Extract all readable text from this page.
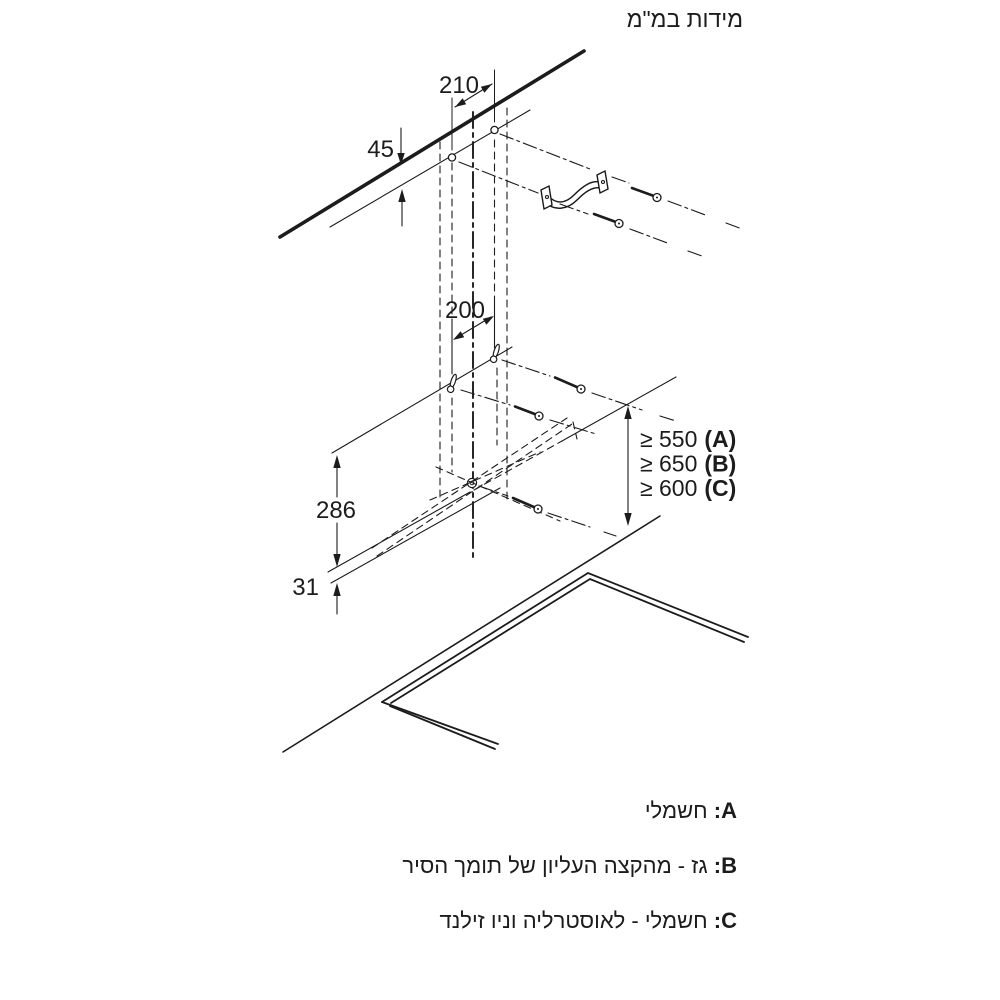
מידות במ"מ
210
45
200
286
31
≥ 550 (A)
≥ 650 (B)
≥ 600 (C)
A: חשמלי
B: גז - מהקצה העליון של תומך הסיר
C: חשמלי - לאוסטרליה וניו זילנד
